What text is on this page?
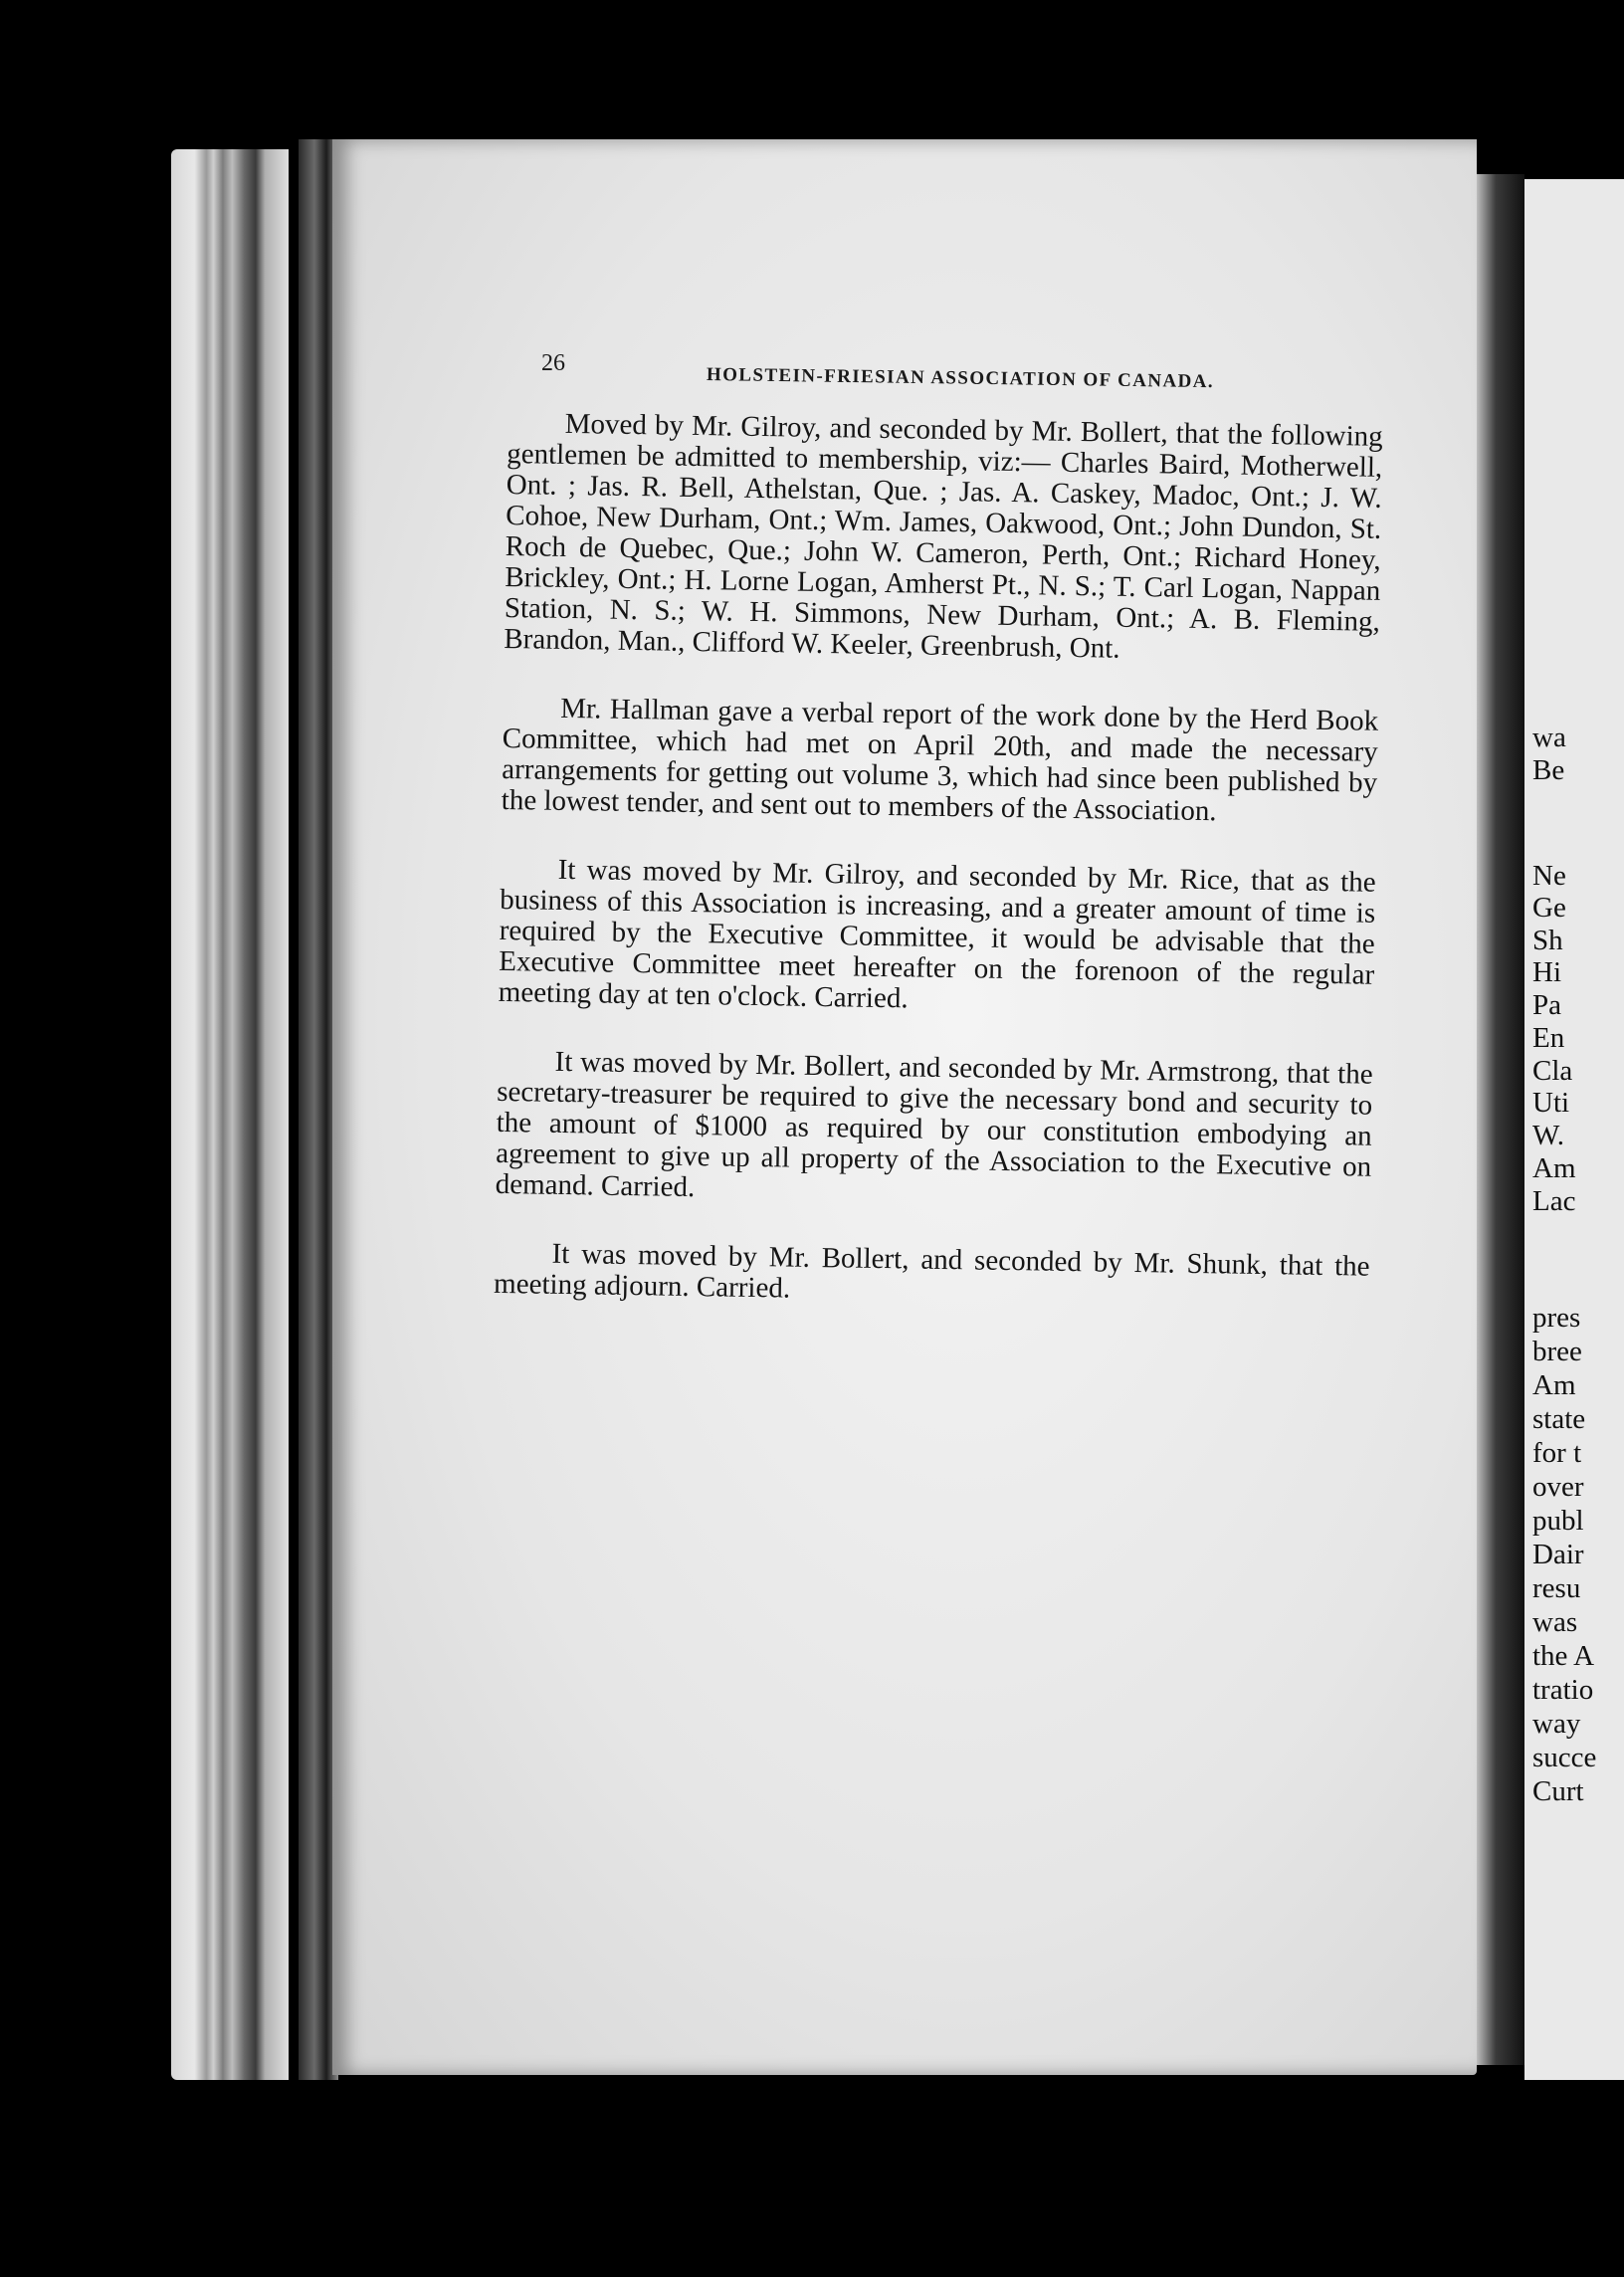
26
HOLSTEIN-FRIESIAN ASSOCIATION OF CANADA.

Moved by Mr. Gilroy, and seconded by Mr. Bollert, that the following gentlemen be admitted to membership, viz:— Charles Baird, Motherwell, Ont. ; Jas. R. Bell, Athelstan, Que. ; Jas. A. Caskey, Madoc, Ont.; J. W. Cohoe, New Durham, Ont.; Wm. James, Oakwood, Ont.; John Dundon, St. Roch de Quebec, Que.; John W. Cameron, Perth, Ont.; Richard Honey, Brickley, Ont.; H. Lorne Logan, Amherst Pt., N. S.; T. Carl Logan, Nappan Station, N. S.; W. H. Simmons, New Durham, Ont.; A. B. Fleming, Brandon, Man., Clifford W. Keeler, Greenbrush, Ont.

Mr. Hallman gave a verbal report of the work done by the Herd Book Committee, which had met on April 20th, and made the necessary arrangements for getting out volume 3, which had since been published by the lowest tender, and sent out to members of the Association.

It was moved by Mr. Gilroy, and seconded by Mr. Rice, that as the business of this Association is increasing, and a greater amount of time is required by the Executive Committee, it would be advisable that the Executive Committee meet hereafter on the forenoon of the regular meeting day at ten o'clock. Carried.

It was moved by Mr. Bollert, and seconded by Mr. Armstrong, that the secretary-treasurer be required to give the necessary bond and security to the amount of $1000 as required by our constitution embodying an agreement to give up all property of the Association to the Executive on demand. Carried.

It was moved by Mr. Bollert, and seconded by Mr. Shunk, that the meeting adjourn. Carried.

wa
Be
Ne
Ge
Sh
Hi
Pa
En
Cla
Uti
W.
Am
Lac
pres
bree
Am
state
for t
over
publ
Dair
resu
was
the A
tratio
way
succe
Curt
